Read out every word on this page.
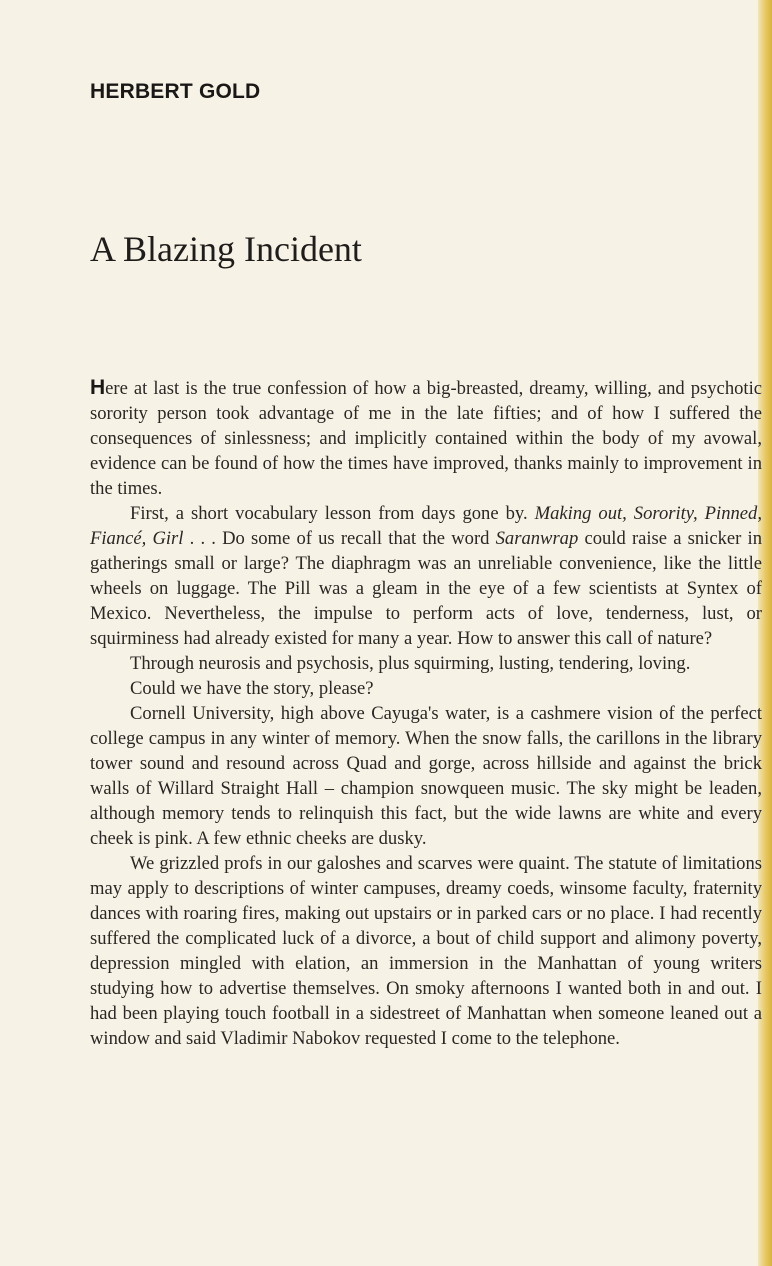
HERBERT GOLD
A Blazing Incident

Here at last is the true confession of how a big-breasted, dreamy, willing, and psychotic sorority person took advantage of me in the late fifties; and of how I suffered the consequences of sinlessness; and implicitly contained within the body of my avowal, evidence can be found of how the times have improved, thanks mainly to improvement in the times.

First, a short vocabulary lesson from days gone by. Making out, Sorority, Pinned, Fiancé, Girl . . . Do some of us recall that the word Saranwrap could raise a snicker in gatherings small or large? The diaphragm was an unreliable convenience, like the little wheels on luggage. The Pill was a gleam in the eye of a few scientists at Syntex of Mexico. Nevertheless, the impulse to perform acts of love, tenderness, lust, or squirminess had already existed for many a year. How to answer this call of nature?

Through neurosis and psychosis, plus squirming, lusting, tendering, loving.

Could we have the story, please?

Cornell University, high above Cayuga's water, is a cashmere vision of the perfect college campus in any winter of memory. When the snow falls, the carillons in the library tower sound and resound across Quad and gorge, across hillside and against the brick walls of Willard Straight Hall – champion snowqueen music. The sky might be leaden, although memory tends to relinquish this fact, but the wide lawns are white and every cheek is pink. A few ethnic cheeks are dusky.

We grizzled profs in our galoshes and scarves were quaint. The statute of limitations may apply to descriptions of winter campuses, dreamy coeds, winsome faculty, fraternity dances with roaring fires, making out upstairs or in parked cars or no place. I had recently suffered the complicated luck of a divorce, a bout of child support and alimony poverty, depression mingled with elation, an immersion in the Manhattan of young writers studying how to advertise themselves. On smoky afternoons I wanted both in and out. I had been playing touch football in a sidestreet of Manhattan when someone leaned out a window and said Vladimir Nabokov requested I come to the telephone.
